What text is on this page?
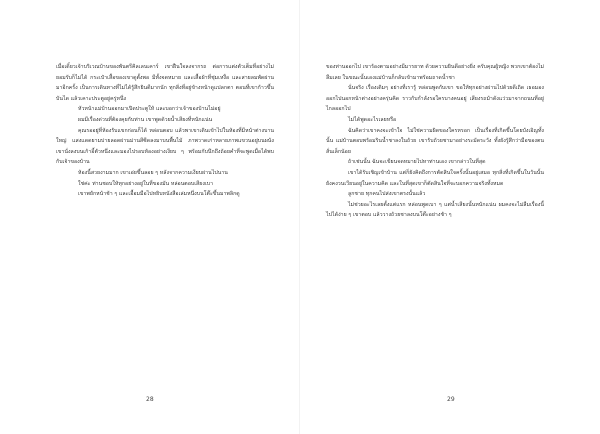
เมื่อเดี๋ยวเจ้าบริเวณบ้านของพันตรีคิลเลนเคาร์ เขาฝืนใจลงจากรถ ต่อการแต่งตัวเต็มที่อย่างไม่ยอมรับก็ไม่ได้ กระเป๋าเสื้อของเขาดูตั้งพอ มีทั้งจดหมาย และเสื้อผ้าที่ชุ่มเหงื่อ และสายลมพัดผ่านมาอีกครั้ง เป็นการเดินทางที่ไม่ได้รู้สึกยินดีมากนัก ทุกสิ่งที่อยู่ข้างหน้าดูแปลกตา ตอนที่เขาก้าวขึ้นบันได แล้วเคาะประตูอยู่ครู่หนึ่ง

หัวหน้าแม่บ้านออกมาเปิดประตูให้ และบอกว่าเจ้าของบ้านไม่อยู่

ผมมีเรื่องด่วนที่ต้องคุยกับท่าน เขาพูดด้วยน้ำเสียงที่หนักแน่น

คุณรออยู่ที่ห้องรับแขกก่อนก็ได้ หล่อนตอบ แล้วพาเขาเดินเข้าไปในห้องที่มีหน้าต่างบานใหญ่ แสงแดดยามบ่ายลอดผ่านม่านสีซีดลงมาบนพื้นไม้ ภาพวาดเก่าหลายภาพแขวนอยู่บนผนัง เขานั่งลงบนเก้าอี้ตัวหนึ่งและมองไปรอบห้องอย่างเงียบ ๆ พร้อมกับนึกถึงถ้อยคำที่จะพูดเมื่อได้พบกับเจ้าของบ้าน

ห้องนี้สวยงามมาก เขาเอ่ยขึ้นลอย ๆ หลังจากความเงียบผ่านไปนาน

ใช่ค่ะ ท่านชอบให้ทุกอย่างอยู่ในที่ของมัน หล่อนตอบเสียงเบา

เขาพยักหน้าช้า ๆ และเอื้อมมือไปหยิบหนังสือเล่มหนึ่งบนโต๊ะขึ้นมาพลิกดู

28

ของท่านออกไป เขาร้องตามอย่างมีมารยาท ด้วยความยินดีอย่างยิ่ง ครับคุณผู้หญิง พวกเขาต้องไม่ลืมเลย ในขณะนั้นเองแม่บ้านก็กลับเข้ามาพร้อมถาดน้ำชา

นั่นจริง เรื่องเดิมๆ อย่างที่เรารู้ หล่อนพูดกับเขา ขอให้ทุกอย่างผ่านไปด้วยดีเถิด เธอมองออกไปนอกหน้าต่างอย่างครุ่นคิด ราวกับกำลังรอใครบางคนอยู่ เสียงรถม้าดังแว่วมาจากถนนที่อยู่ไกลออกไป

ไม่ได้พูดอะไรเลยหรือ

ฉันคิดว่าเขาคงจะเข้าใจ ไม่ใช่ความผิดของใครหรอก เป็นเรื่องที่เกิดขึ้นโดยบังเอิญทั้งนั้น แม่บ้านตอบพร้อมรินน้ำชาลงในถ้วย เขารับถ้วยชามาอย่างระมัดระวัง ทั้งยังรู้สึกว่ามือของตนสั่นเล็กน้อย

ถ้าเช่นนั้น ฉันจะเขียนจดหมายไปหาท่านเอง เขากล่าวในที่สุด

เขาได้รับเชิญเข้าบ้าน แต่ก็ยังคิดถึงการตัดสินใจครั้งนั้นอยู่เสมอ ทุกสิ่งที่เกิดขึ้นในวันนั้นยังคงวนเวียนอยู่ในความคิด และในที่สุดเขาก็ตัดสินใจที่จะบอกความจริงทั้งหมด

ลูกชาย ทุกคนไปส่งเขาตรงนั้นแล้ว

ไม่ช่วยอะไรเลยตั้งแต่แรก หล่อนพูดเบา ๆ แต่น้ำเสียงนั้นหนักแน่น ผมคงจะไม่ลืมเรื่องนี้ไปได้ง่าย ๆ เขาตอบ แล้ววางถ้วยชาลงบนโต๊ะอย่างช้า ๆ

29
